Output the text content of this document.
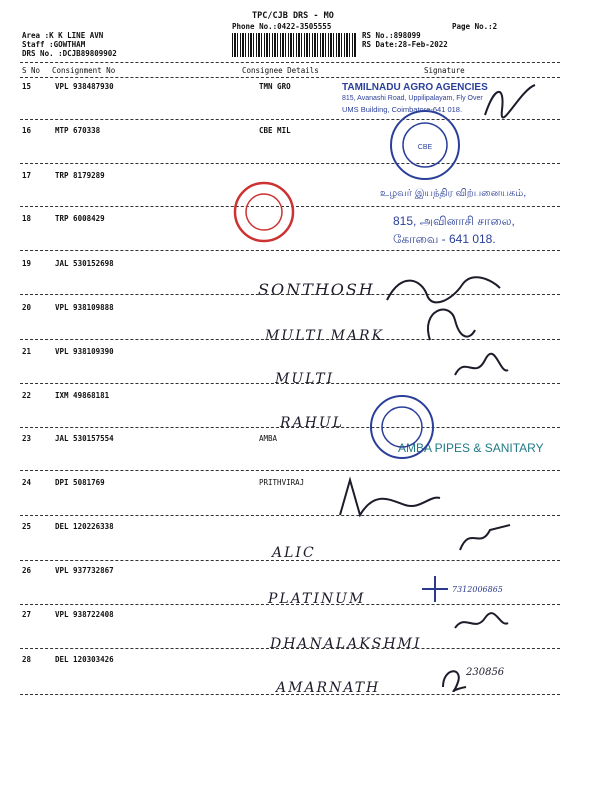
TPC/CJB DRS - MO
Phone No.:0422-3505555	Page No.:2
Area :K K LINE AVN
Staff :GOWTHAM
DRS No. :DCJB89809902
RS No.:898099
RS Date:28-Feb-2022
S No Consignment No	Consignee Details	Signature
15	VPL 938487930	TMN GRO
16	MTP 670338	CBE MIL
17	TRP 8179289
18	TRP 6008429
19	JAL 530152698
SONTHOSH
20	VPL 938109888
MULTI MARK
21	VPL 938109390
MULTI
22	IXM 49868181
RAHUL
23	JAL 530157554	AMBA
24	DPI 5081769	PRITHVIRAJ
25	DEL 120226338
ALIC
26	VPL 937732867
PLATINUM
27	VPL 938722408
DHANALAKSHMI
28	DEL 120303426
AMARNATH
TAMILNADU AGRO AGENCIES
815, Avanashi Road, Uppilipalayam, Fly Over
UMS Building, Coimbatore-641 018.
உழவர் இயந்திர விற்பனையகம்,
815, அவினாசி சாலை,
கோவை - 641 018.
AMBA PIPES & SANITARY
CBE
7312006865
230856
